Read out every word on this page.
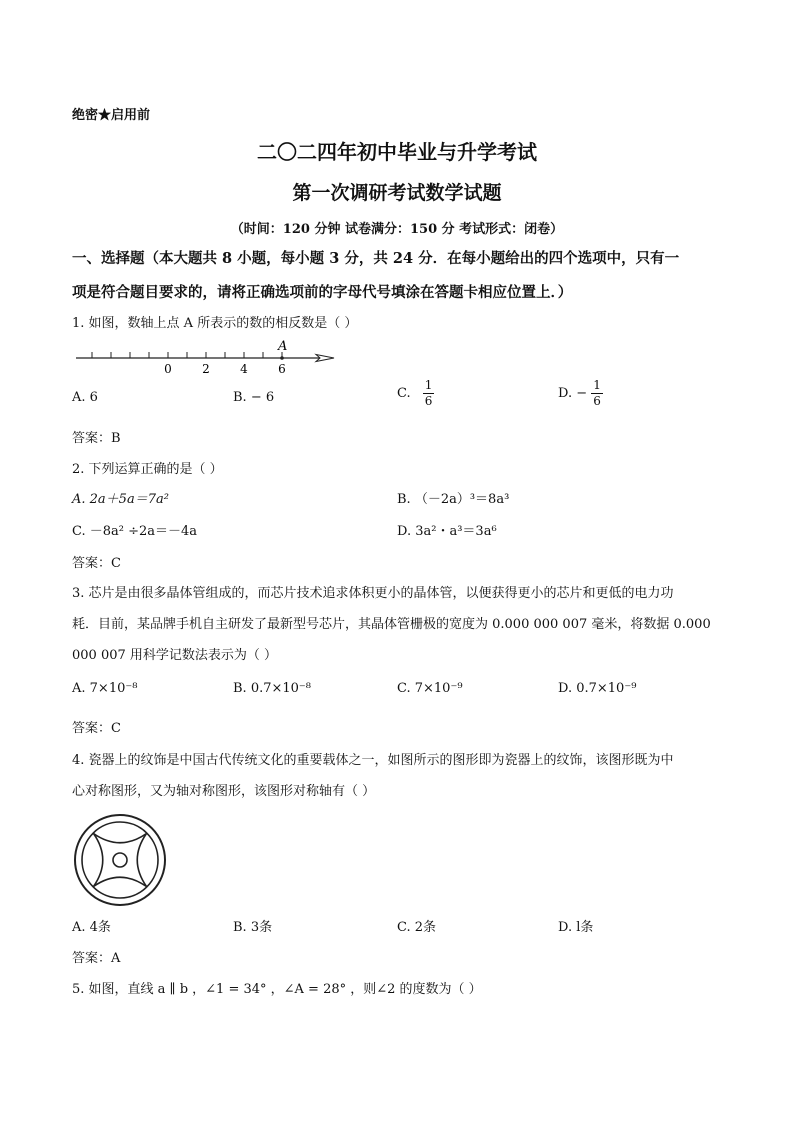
绝密★启用前
二〇二四年初中毕业与升学考试
第一次调研考试数学试题
（时间：120 分钟 试卷满分：150 分 考试形式：闭卷）
一、选择题（本大题共 8 小题，每小题 3 分，共 24 分．在每小题给出的四个选项中，只有一
项是符合题目要求的，请将正确选项前的字母代号填涂在答题卡相应位置上．）
1. 如图，数轴上点 A 所表示的数的相反数是（ ）
A
0	2	4	6
A. 6	B. − 6	C. $\frac{1}{6}$	D. − $\frac{1}{6}$
答案：B
2. 下列运算正确的是（ ）
A. 2a＋5a＝7a²	B. （－2a）³＝8a³
C. －8a² ÷2a＝－4a	D. 3a²・a³＝3a⁶
答案：C
3. 芯片是由很多晶体管组成的，而芯片技术追求体积更小的晶体管，以便获得更小的芯片和更低的电力功
耗．目前，某品牌手机自主研发了最新型号芯片，其晶体管栅极的宽度为 0.000 000 007 毫米，将数据 0.000
000 007 用科学记数法表示为（ ）
A. 7×10⁻⁸	B. 0.7×10⁻⁸	C. 7×10⁻⁹	D. 0.7×10⁻⁹
答案：C
4. 瓷器上的纹饰是中国古代传统文化的重要载体之一，如图所示的图形即为瓷器上的纹饰，该图形既为中
心对称图形，又为轴对称图形，该图形对称轴有（ ）
A. 4条	B. 3条	C. 2条	D. l条
答案：A
5. 如图，直线 a ∥ b ，∠1 = 34° ，∠A = 28° ，则∠2 的度数为（ ）
